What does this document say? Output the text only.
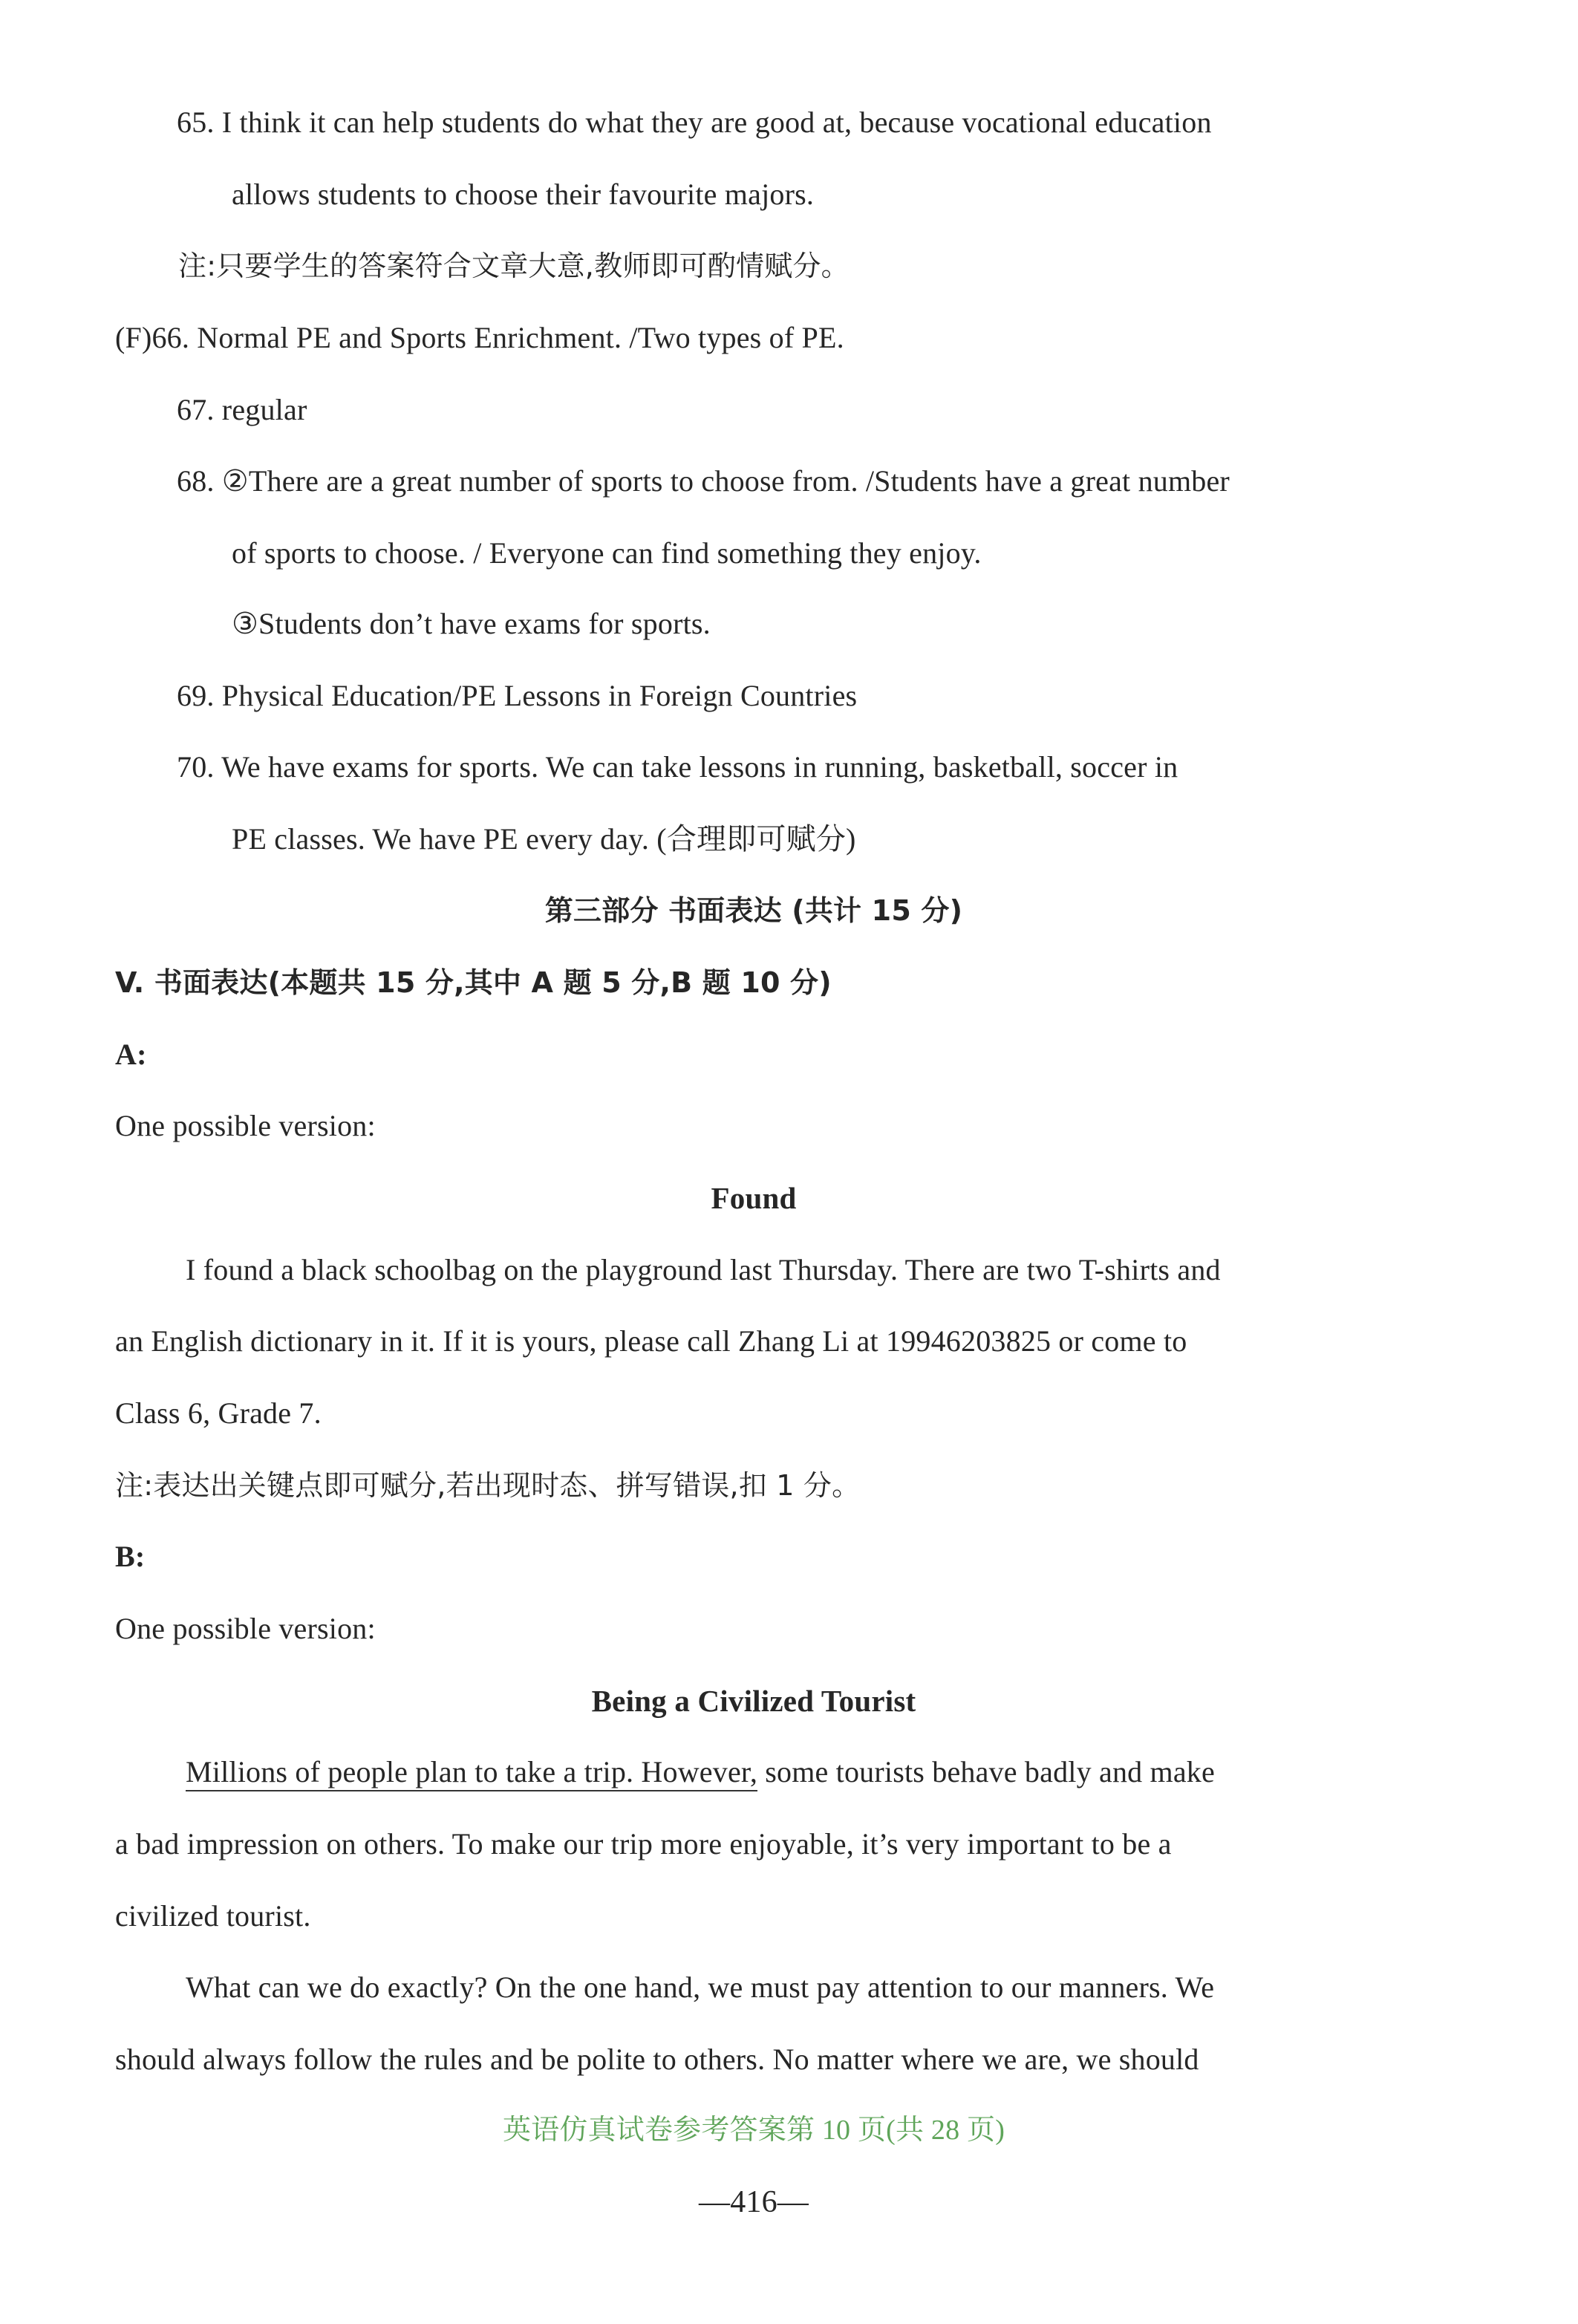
65. I think it can help students do what they are good at, because vocational education

allows students to choose their favourite majors.

注:只要学生的答案符合文章大意,教师即可酌情赋分。

(F)66. Normal PE and Sports Enrichment. /Two types of PE.

67. regular

68. ②There are a great number of sports to choose from. /Students have a great number

of sports to choose. / Everyone can find something they enjoy.

③Students don’t have exams for sports.

69. Physical Education/PE Lessons in Foreign Countries

70. We have exams for sports. We can take lessons in running, basketball, soccer in

PE classes. We have PE every day. (合理即可赋分)

第三部分 书面表达 (共计 15 分)

V. 书面表达(本题共 15 分,其中 A 题 5 分,B 题 10 分)

A:

One possible version:

Found

I found a black schoolbag on the playground last Thursday. There are two T-shirts and

an English dictionary in it. If it is yours, please call Zhang Li at 19946203825 or come to

Class 6, Grade 7.

注:表达出关键点即可赋分,若出现时态、拼写错误,扣 1 分。

B:

One possible version:

Being a Civilized Tourist

Millions of people plan to take a trip. However, some tourists behave badly and make

a bad impression on others. To make our trip more enjoyable, it’s very important to be a

civilized tourist.

What can we do exactly? On the one hand, we must pay attention to our manners. We

should always follow the rules and be polite to others. No matter where we are, we should

英语仿真试卷参考答案第 10 页(共 28 页)

—416—
